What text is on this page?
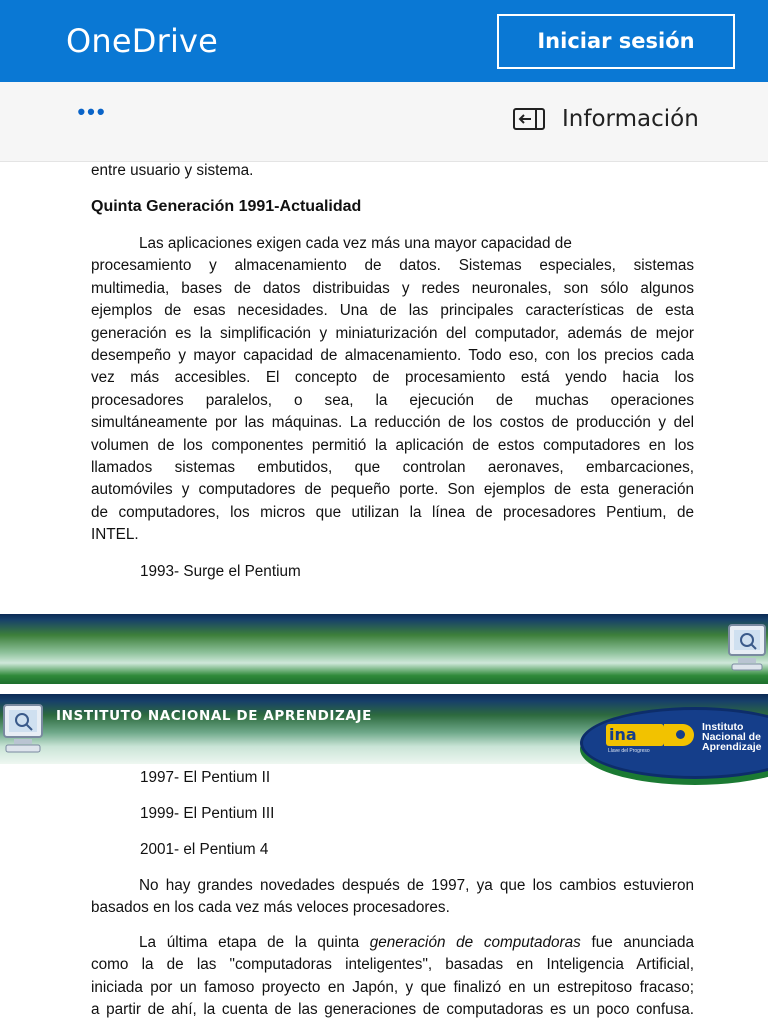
OneDrive	Iniciar sesión
•••	Información
entre usuario y sistema.
Quinta Generación 1991-Actualidad
Las aplicaciones exigen cada vez más una mayor capacidad de
procesamiento y almacenamiento de datos. Sistemas especiales, sistemas
multimedia, bases de datos distribuidas y redes neuronales, son sólo algunos
ejemplos de esas necesidades. Una de las principales características de esta
generación es la simplificación y miniaturización del computador, además de mejor
desempeño y mayor capacidad de almacenamiento. Todo eso, con los precios cada
vez más accesibles. El concepto de procesamiento está yendo hacia los
procesadores paralelos, o sea, la ejecución de muchas operaciones
simultáneamente por las máquinas. La reducción de los costos de producción y del
volumen de los componentes permitió la aplicación de estos computadores en los
llamados sistemas embutidos, que controlan aeronaves, embarcaciones,
automóviles y computadores de pequeño porte. Son ejemplos de esta generación
de computadores, los micros que utilizan la línea de procesadores Pentium, de
INTEL.
1993- Surge el Pentium
INSTITUTO NACIONAL DE APRENDIZAJE
ina	Instituto
Nacional de
Aprendizaje
Llave del Progreso
1997- El Pentium II
1999- El Pentium III
2001- el Pentium 4
No hay grandes novedades después de 1997, ya que los cambios estuvieron
basados en los cada vez más veloces procesadores.
La última etapa de la quinta generación de computadoras fue anunciada
como la de las "computadoras inteligentes", basadas en Inteligencia Artificial,
iniciada por un famoso proyecto en Japón, y que finalizó en un estrepitoso fracaso;
a partir de ahí, la cuenta de las generaciones de computadoras es un poco confusa.
